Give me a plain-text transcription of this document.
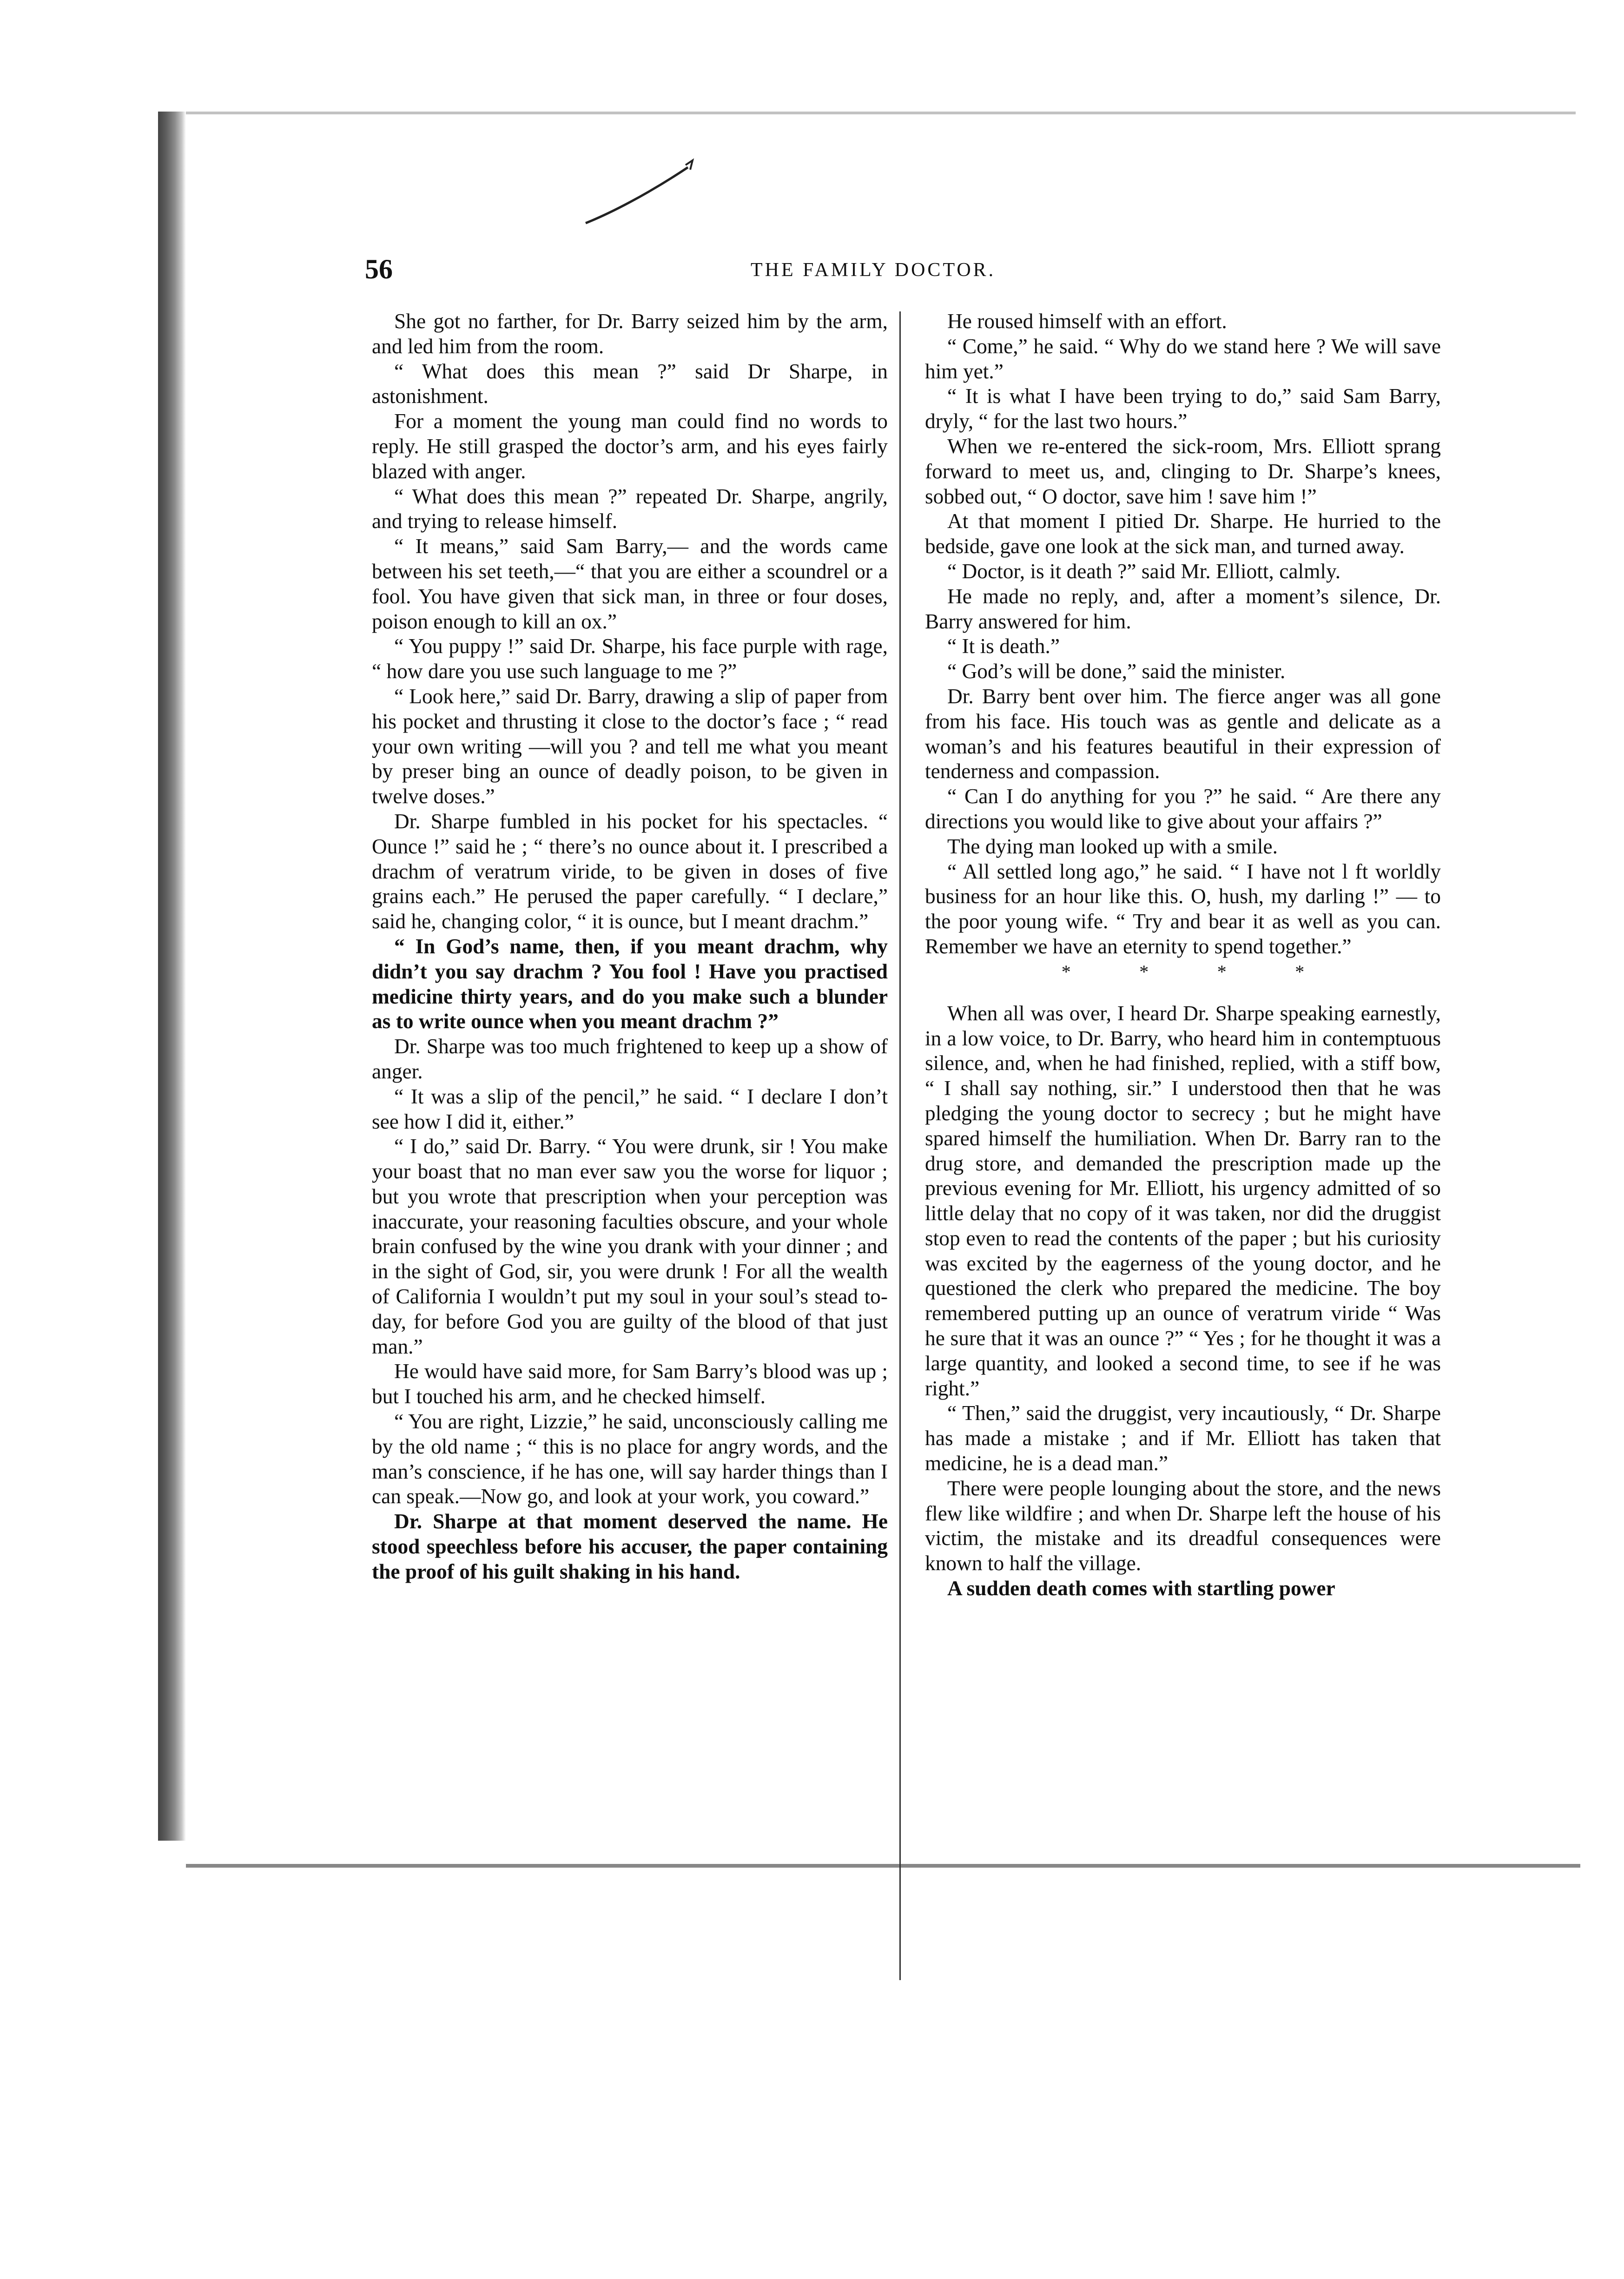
56	THE FAMILY DOCTOR.

She got no farther, for Dr. Barry seized him by the arm, and led him from the room.

“ What does this mean ?” said Dr Sharpe, in astonishment.

For a moment the young man could find no words to reply. He still grasped the doctor’s arm, and his eyes fairly blazed with anger.

“ What does this mean ?” repeated Dr. Sharpe, angrily, and trying to release himself.

“ It means,” said Sam Barry,— and the words came between his set teeth,—“ that you are either a scoundrel or a fool. You have given that sick man, in three or four doses, poison enough to kill an ox.”

“ You puppy !” said Dr. Sharpe, his face purple with rage, “ how dare you use such language to me ?”

“ Look here,” said Dr. Barry, drawing a slip of paper from his pocket and thrusting it close to the doctor’s face ; “ read your own writing —will you ? and tell me what you meant by preser bing an ounce of deadly poison, to be given in twelve doses.”

Dr. Sharpe fumbled in his pocket for his spectacles. “ Ounce !” said he ; “ there’s no ounce about it. I prescribed a drachm of veratrum viride, to be given in doses of five grains each.” He perused the paper carefully. “ I declare,” said he, changing color, “ it is ounce, but I meant drachm.”

“ In God’s name, then, if you meant drachm, why didn’t you say drachm ? You fool ! Have you practised medicine thirty years, and do you make such a blunder as to write ounce when you meant drachm ?”

Dr. Sharpe was too much frightened to keep up a show of anger.

“ It was a slip of the pencil,” he said. “ I declare I don’t see how I did it, either.”

“ I do,” said Dr. Barry. “ You were drunk, sir ! You make your boast that no man ever saw you the worse for liquor ; but you wrote that prescription when your perception was inaccurate, your reasoning faculties obscure, and your whole brain confused by the wine you drank with your dinner ; and in the sight of God, sir, you were drunk ! For all the wealth of California I wouldn’t put my soul in your soul’s stead to-day, for before God you are guilty of the blood of that just man.”

He would have said more, for Sam Barry’s blood was up ; but I touched his arm, and he checked himself.

“ You are right, Lizzie,” he said, unconsciously calling me by the old name ; “ this is no place for angry words, and the man’s conscience, if he has one, will say harder things than I can speak.—Now go, and look at your work, you coward.”

Dr. Sharpe at that moment deserved the name. He stood speechless before his accuser, the paper containing the proof of his guilt shaking in his hand.

He roused himself with an effort.

“ Come,” he said. “ Why do we stand here ? We will save him yet.”

“ It is what I have been trying to do,” said Sam Barry, dryly, “ for the last two hours.”

When we re-entered the sick-room, Mrs. Elliott sprang forward to meet us, and, clinging to Dr. Sharpe’s knees, sobbed out, “ O doctor, save him ! save him !”

At that moment I pitied Dr. Sharpe. He hurried to the bedside, gave one look at the sick man, and turned away.

“ Doctor, is it death ?” said Mr. Elliott, calmly.

He made no reply, and, after a moment’s silence, Dr. Barry answered for him.

“ It is death.”

“ God’s will be done,” said the minister.

Dr. Barry bent over him. The fierce anger was all gone from his face. His touch was as gentle and delicate as a woman’s and his features beautiful in their expression of tenderness and compassion.

“ Can I do anything for you ?” he said. “ Are there any directions you would like to give about your affairs ?”

The dying man looked up with a smile.

“ All settled long ago,” he said. “ I have not l ft worldly business for an hour like this. O, hush, my darling !” — to the poor young wife. “ Try and bear it as well as you can. Remember we have an eternity to spend together.”

*	*	*	*

When all was over, I heard Dr. Sharpe speaking earnestly, in a low voice, to Dr. Barry, who heard him in contemptuous silence, and, when he had finished, replied, with a stiff bow, “ I shall say nothing, sir.” I understood then that he was pledging the young doctor to secrecy ; but he might have spared himself the humiliation. When Dr. Barry ran to the drug store, and demanded the prescription made up the previous evening for Mr. Elliott, his urgency admitted of so little delay that no copy of it was taken, nor did the druggist stop even to read the contents of the paper ; but his curiosity was excited by the eagerness of the young doctor, and he questioned the clerk who prepared the medicine. The boy remembered putting up an ounce of veratrum viride “ Was he sure that it was an ounce ?” “ Yes ; for he thought it was a large quantity, and looked a second time, to see if he was right.”

“ Then,” said the druggist, very incautiously, “ Dr. Sharpe has made a mistake ; and if Mr. Elliott has taken that medicine, he is a dead man.”

There were people lounging about the store, and the news flew like wildfire ; and when Dr. Sharpe left the house of his victim, the mistake and its dreadful consequences were known to half the village.

A sudden death comes with startling power
